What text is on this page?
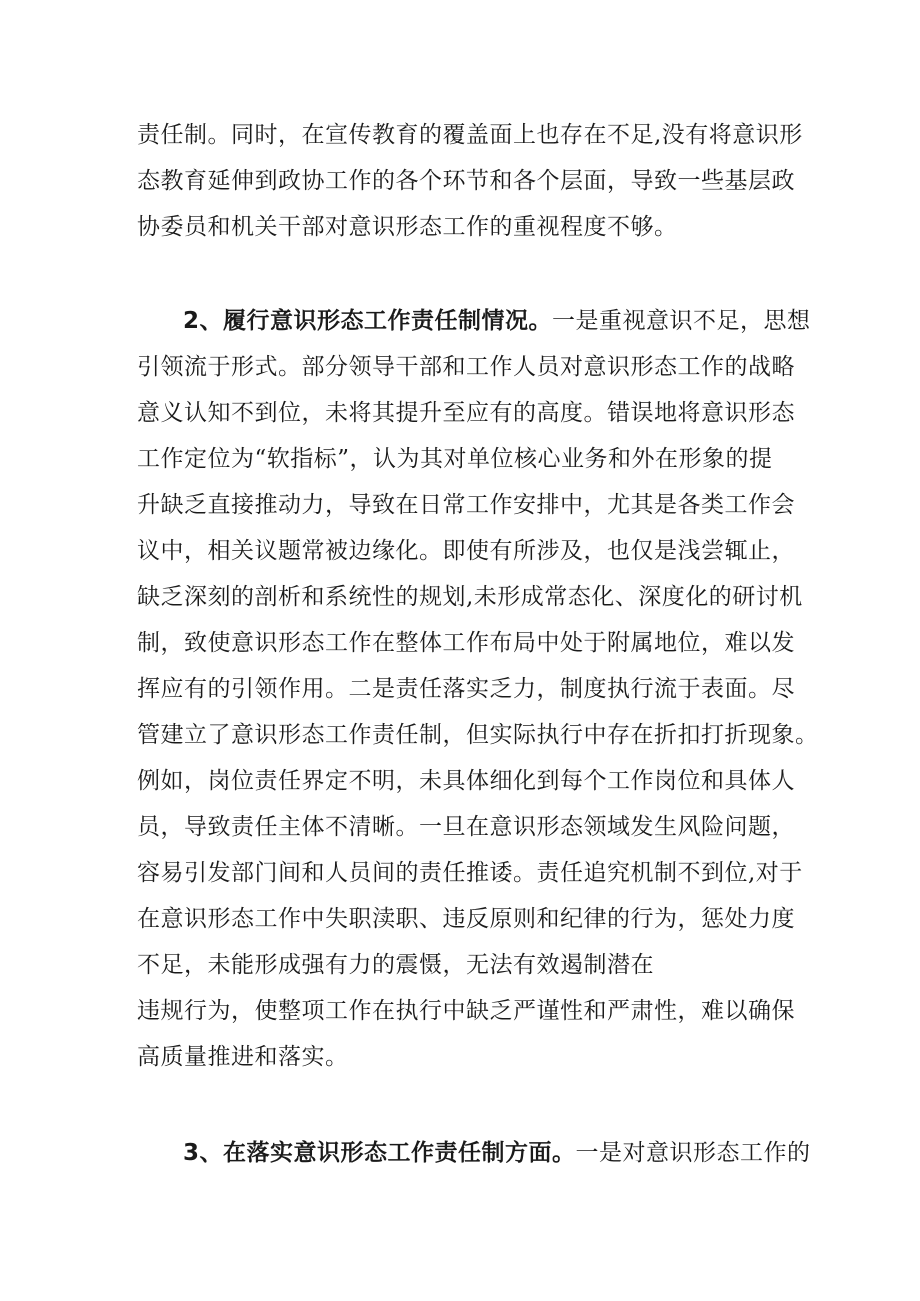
责任制。同时，在宣传教育的覆盖面上也存在不足,没有将意识形
态教育延伸到政协工作的各个环节和各个层面，导致一些基层政
协委员和机关干部对意识形态工作的重视程度不够。
2、履行意识形态工作责任制情况。一是重视意识不足，思想
引领流于形式。部分领导干部和工作人员对意识形态工作的战略
意义认知不到位，未将其提升至应有的高度。错误地将意识形态
工作定位为“软指标”，认为其对单位核心业务和外在形象的提
升缺乏直接推动力，导致在日常工作安排中，尤其是各类工作会
议中，相关议题常被边缘化。即使有所涉及，也仅是浅尝辄止，
缺乏深刻的剖析和系统性的规划,未形成常态化、深度化的研讨机
制，致使意识形态工作在整体工作布局中处于附属地位，难以发
挥应有的引领作用。二是责任落实乏力，制度执行流于表面。尽
管建立了意识形态工作责任制，但实际执行中存在折扣打折现象。
例如，岗位责任界定不明，未具体细化到每个工作岗位和具体人
员，导致责任主体不清晰。一旦在意识形态领域发生风险问题，
容易引发部门间和人员间的责任推诿。责任追究机制不到位,对于
在意识形态工作中失职渎职、违反原则和纪律的行为，惩处力度
不足，未能形成强有力的震慑，无法有效遏制潜在
违规行为，使整项工作在执行中缺乏严谨性和严肃性，难以确保
高质量推进和落实。
3、在落实意识形态工作责任制方面。一是对意识形态工作的
